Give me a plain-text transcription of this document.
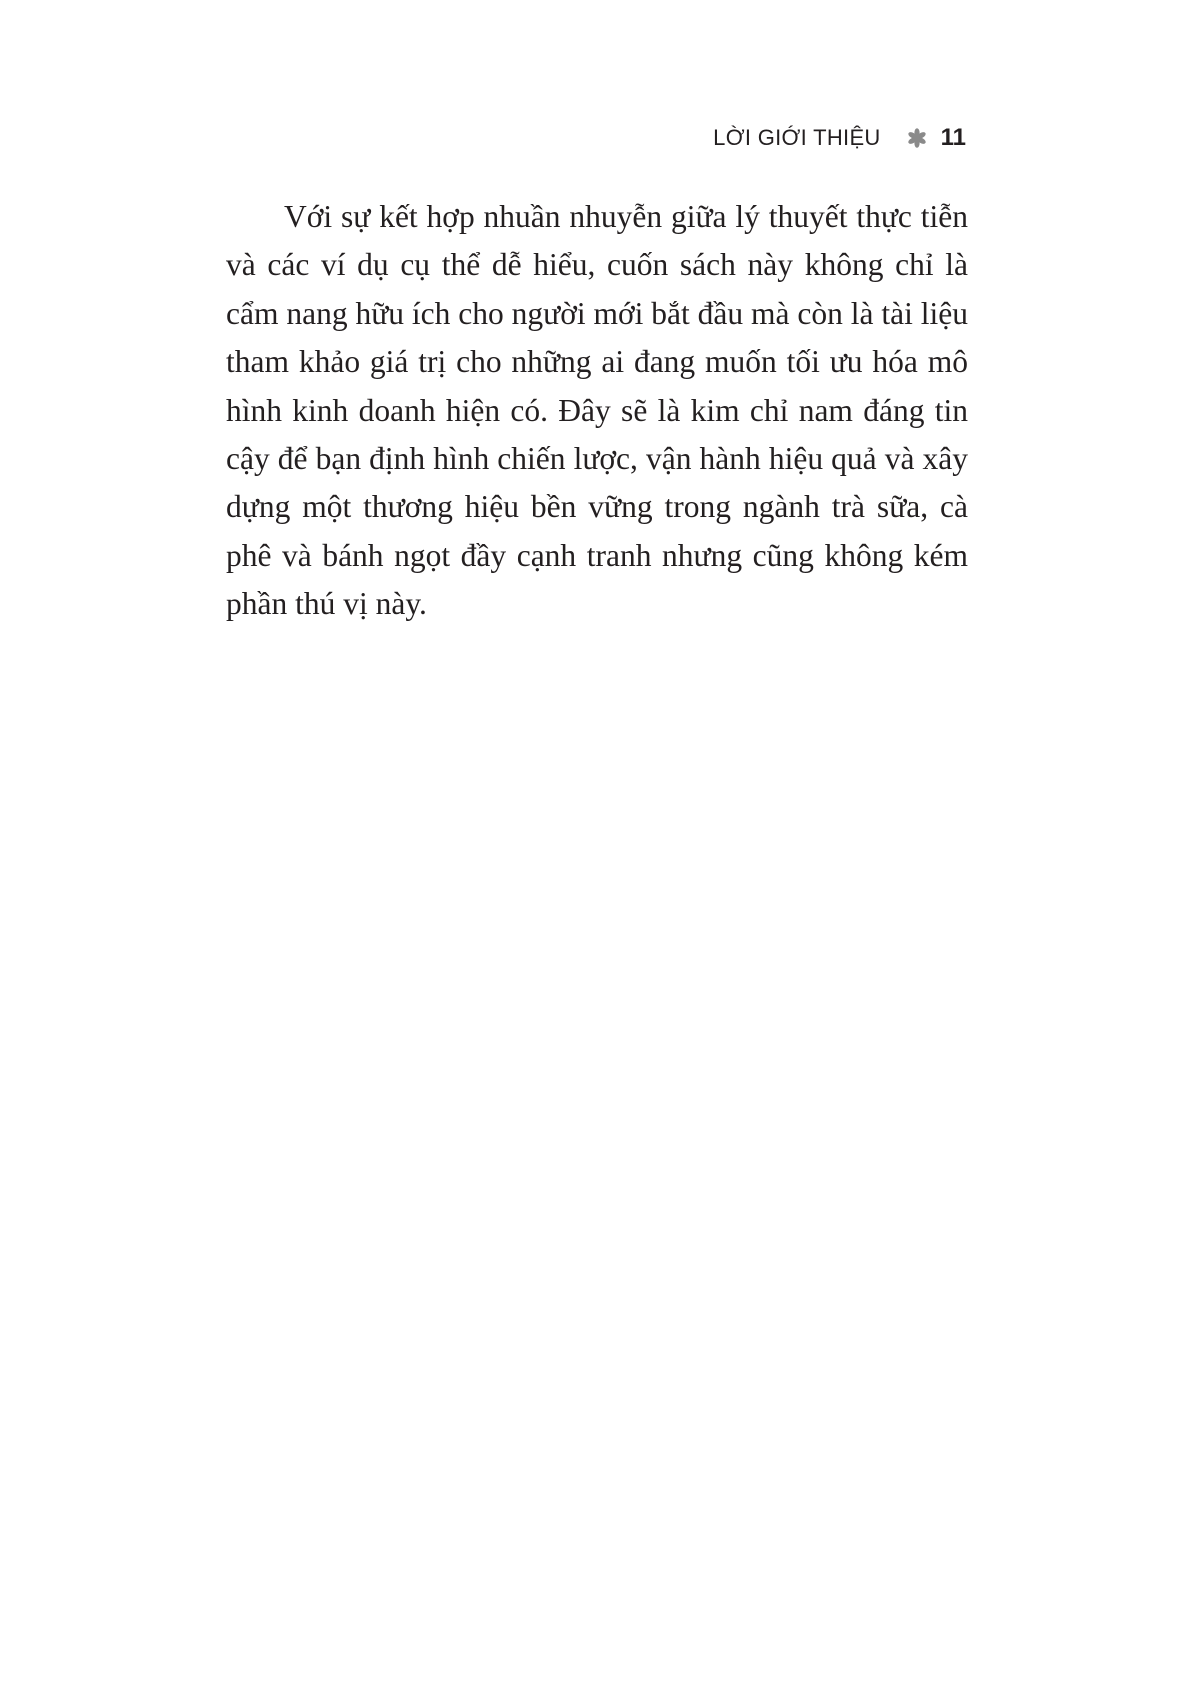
LỜI GIỚI THIỆU	11

Với sự kết hợp nhuần nhuyễn giữa lý thuyết thực tiễn và các ví dụ cụ thể dễ hiểu, cuốn sách này không chỉ là cẩm nang hữu ích cho người mới bắt đầu mà còn là tài liệu tham khảo giá trị cho những ai đang muốn tối ưu hóa mô hình kinh doanh hiện có. Đây sẽ là kim chỉ nam đáng tin cậy để bạn định hình chiến lược, vận hành hiệu quả và xây dựng một thương hiệu bền vững trong ngành trà sữa, cà phê và bánh ngọt đầy cạnh tranh nhưng cũng không kém phần thú vị này.
